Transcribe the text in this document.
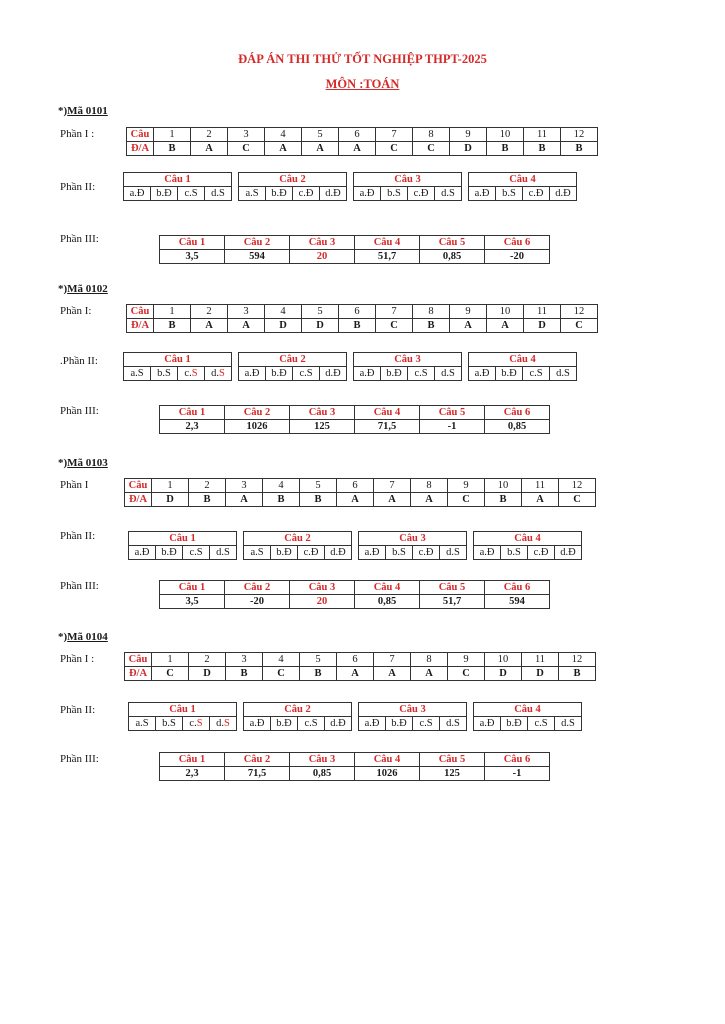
ĐÁP ÁN THI THỬ TỐT NGHIỆP THPT-2025
MÔN :TOÁN
*)Mã 0101
Phần I :
Phần II:
Phần III:
Câu	1	2	3	4	5	6	7	8	9	10	11	12
Đ/A	B	A	C	A	A	A	C	C	D	B	B	B
Câu 1					Câu 2					Câu 3					Câu 4			
a.Đ	b.Đ	c.S	d.S		a.S	b.Đ	c.Đ	d.Đ		a.Đ	b.S	c.Đ	d.S		a.Đ	b.S	c.Đ	d.Đ
Câu 1	Câu 2	Câu 3	Câu 4	Câu 5	Câu 6
3,5	594	20	51,7	0,85	-20
*)Mã 0102
Phần I:
.Phần II:
Phần III:
Câu	1	2	3	4	5	6	7	8	9	10	11	12
Đ/A	B	A	A	D	D	B	C	B	A	A	D	C
Câu 1					Câu 2					Câu 3					Câu 4			
a.S	b.S	c.S	d.S		a.Đ	b.Đ	c.S	d.Đ		a.Đ	b.Đ	c.S	d.S		a.Đ	b.Đ	c.S	d.S
Câu 1	Câu 2	Câu 3	Câu 4	Câu 5	Câu 6
2,3	1026	125	71,5	-1	0,85
*)Mã 0103
Phần I
Phần II:
Phần III:
Câu	1	2	3	4	5	6	7	8	9	10	11	12
Đ/A	D	B	A	B	B	A	A	A	C	B	A	C
Câu 1					Câu 2					Câu 3					Câu 4			
a.Đ	b.Đ	c.S	d.S		a.S	b.Đ	c.Đ	d.Đ		a.Đ	b.S	c.Đ	d.S		a.Đ	b.S	c.Đ	d.Đ
Câu 1	Câu 2	Câu 3	Câu 4	Câu 5	Câu 6
3,5	-20	20	0,85	51,7	594
*)Mã 0104
Phần I :
Phần II:
Phần III:
Câu	1	2	3	4	5	6	7	8	9	10	11	12
Đ/A	C	D	B	C	B	A	A	A	C	D	D	B
Câu 1					Câu 2					Câu 3					Câu 4			
a.S	b.S	c.S	d.S		a.Đ	b.Đ	c.S	d.Đ		a.Đ	b.Đ	c.S	d.S		a.Đ	b.Đ	c.S	d.S
Câu 1	Câu 2	Câu 3	Câu 4	Câu 5	Câu 6
2,3	71,5	0,85	1026	125	-1
